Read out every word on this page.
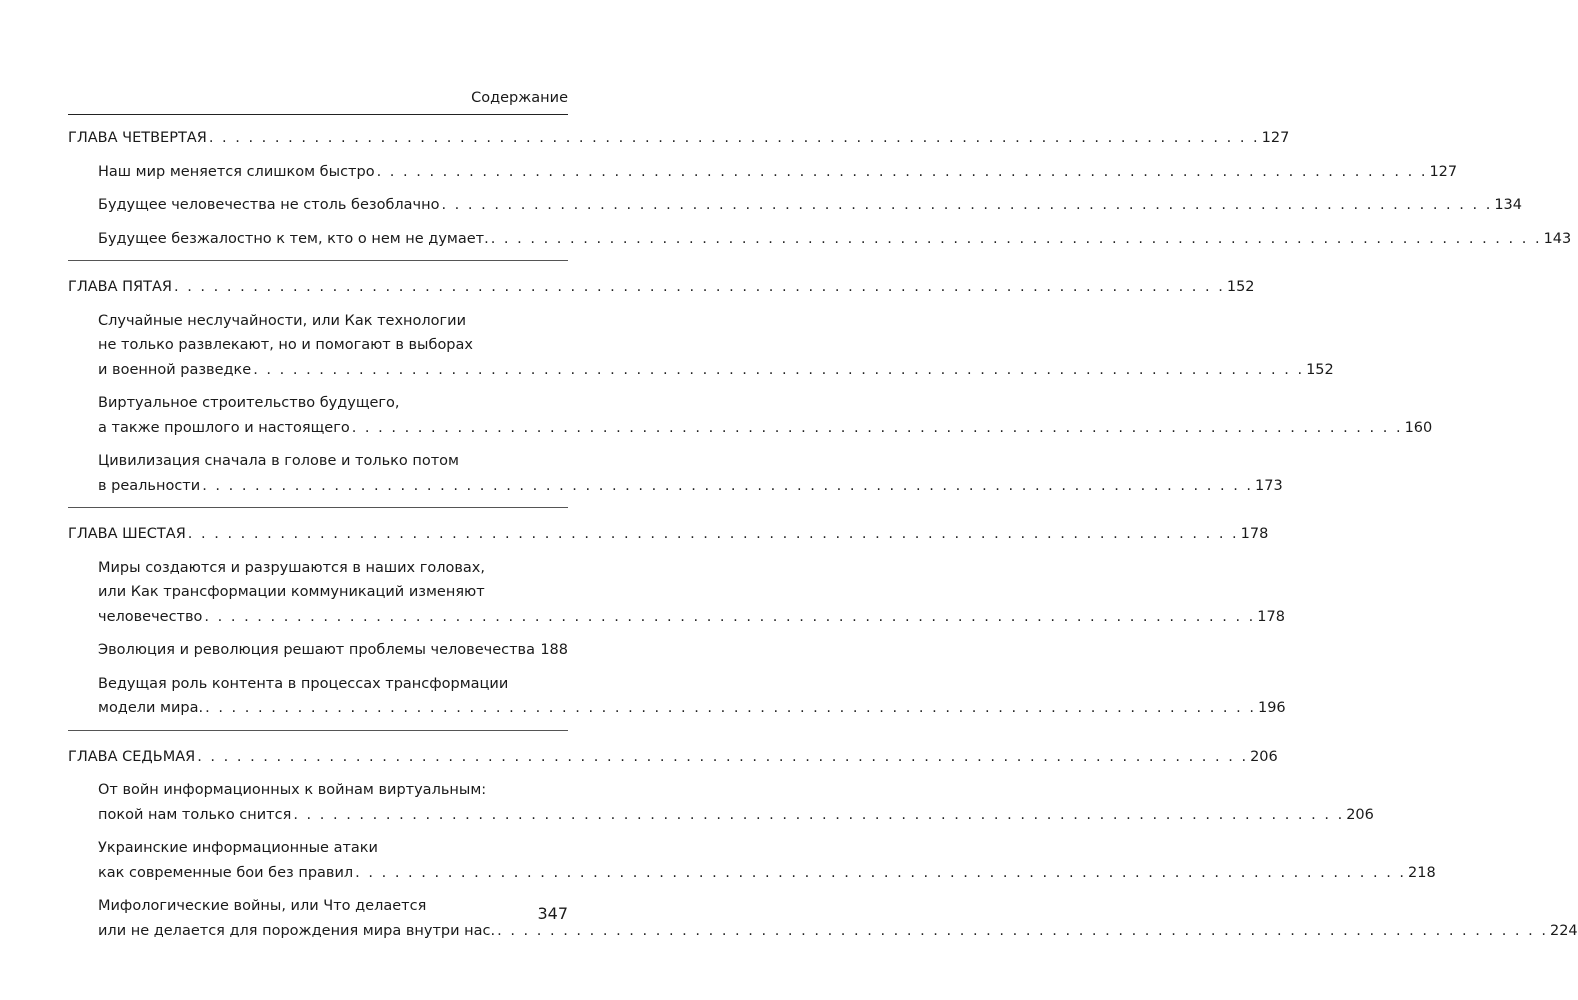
Содержание
ГЛАВА ЧЕТВЕРТАЯ . . . . . . . . . . . . . . . . . . . . . . . . . . . . . . . . . . . . . . . . . . . . . . . . . . . . . . . . . . . . . . . . . . . . . . . . . . . . . . . . 127
Наш мир меняется слишком быстро . . . . . . . . . . . . . . . . . . . . . . . . . . . . . . . . . . . . . . . . . . . . . . . . . . . . . . . . . . . . . . . . . . . . . . . . . . . . . . . . 127
Будущее человечества не столь безоблачно . . . . . . . . . . . . . . . . . . . . . . . . . . . . . . . . . . . . . . . . . . . . . . . . . . . . . . . . . . . . . . . . . . . . . . . . . . . . . . . . 134
Будущее безжалостно к тем, кто о нем не думает. . . . . . . . . . . . . . . . . . . . . . . . . . . . . . . . . . . . . . . . . . . . . . . . . . . . . . . . . . . . . . . . . . . . . . . . . . . . . . . . . 143
ГЛАВА ПЯТАЯ . . . . . . . . . . . . . . . . . . . . . . . . . . . . . . . . . . . . . . . . . . . . . . . . . . . . . . . . . . . . . . . . . . . . . . . . . . . . . . . . 152
Случайные неслучайности, или Как технологии
не только развлекают, но и помогают в выборах
и военной разведке . . . . . . . . . . . . . . . . . . . . . . . . . . . . . . . . . . . . . . . . . . . . . . . . . . . . . . . . . . . . . . . . . . . . . . . . . . . . . . . . 152
Виртуальное строительство будущего,
а также прошлого и настоящего . . . . . . . . . . . . . . . . . . . . . . . . . . . . . . . . . . . . . . . . . . . . . . . . . . . . . . . . . . . . . . . . . . . . . . . . . . . . . . . . 160
Цивилизация сначала в голове и только потом
в реальности . . . . . . . . . . . . . . . . . . . . . . . . . . . . . . . . . . . . . . . . . . . . . . . . . . . . . . . . . . . . . . . . . . . . . . . . . . . . . . . . 173
ГЛАВА ШЕСТАЯ . . . . . . . . . . . . . . . . . . . . . . . . . . . . . . . . . . . . . . . . . . . . . . . . . . . . . . . . . . . . . . . . . . . . . . . . . . . . . . . . 178
Миры создаются и разрушаются в наших головах,
или Как трансформации коммуникаций изменяют
человечество . . . . . . . . . . . . . . . . . . . . . . . . . . . . . . . . . . . . . . . . . . . . . . . . . . . . . . . . . . . . . . . . . . . . . . . . . . . . . . . . 178
Эволюция и революция решают проблемы человечества 188
Ведущая роль контента в процессах трансформации
модели мира. . . . . . . . . . . . . . . . . . . . . . . . . . . . . . . . . . . . . . . . . . . . . . . . . . . . . . . . . . . . . . . . . . . . . . . . . . . . . . . . . 196
ГЛАВА СЕДЬМАЯ . . . . . . . . . . . . . . . . . . . . . . . . . . . . . . . . . . . . . . . . . . . . . . . . . . . . . . . . . . . . . . . . . . . . . . . . . . . . . . . . 206
От войн информационных к войнам виртуальным:
покой нам только снится . . . . . . . . . . . . . . . . . . . . . . . . . . . . . . . . . . . . . . . . . . . . . . . . . . . . . . . . . . . . . . . . . . . . . . . . . . . . . . . . 206
Украинские информационные атаки
как современные бои без правил . . . . . . . . . . . . . . . . . . . . . . . . . . . . . . . . . . . . . . . . . . . . . . . . . . . . . . . . . . . . . . . . . . . . . . . . . . . . . . . . 218
Мифологические войны, или Что делается
или не делается для порождения мира внутри нас. . . . . . . . . . . . . . . . . . . . . . . . . . . . . . . . . . . . . . . . . . . . . . . . . . . . . . . . . . . . . . . . . . . . . . . . . . . . . . . . . 224
347
